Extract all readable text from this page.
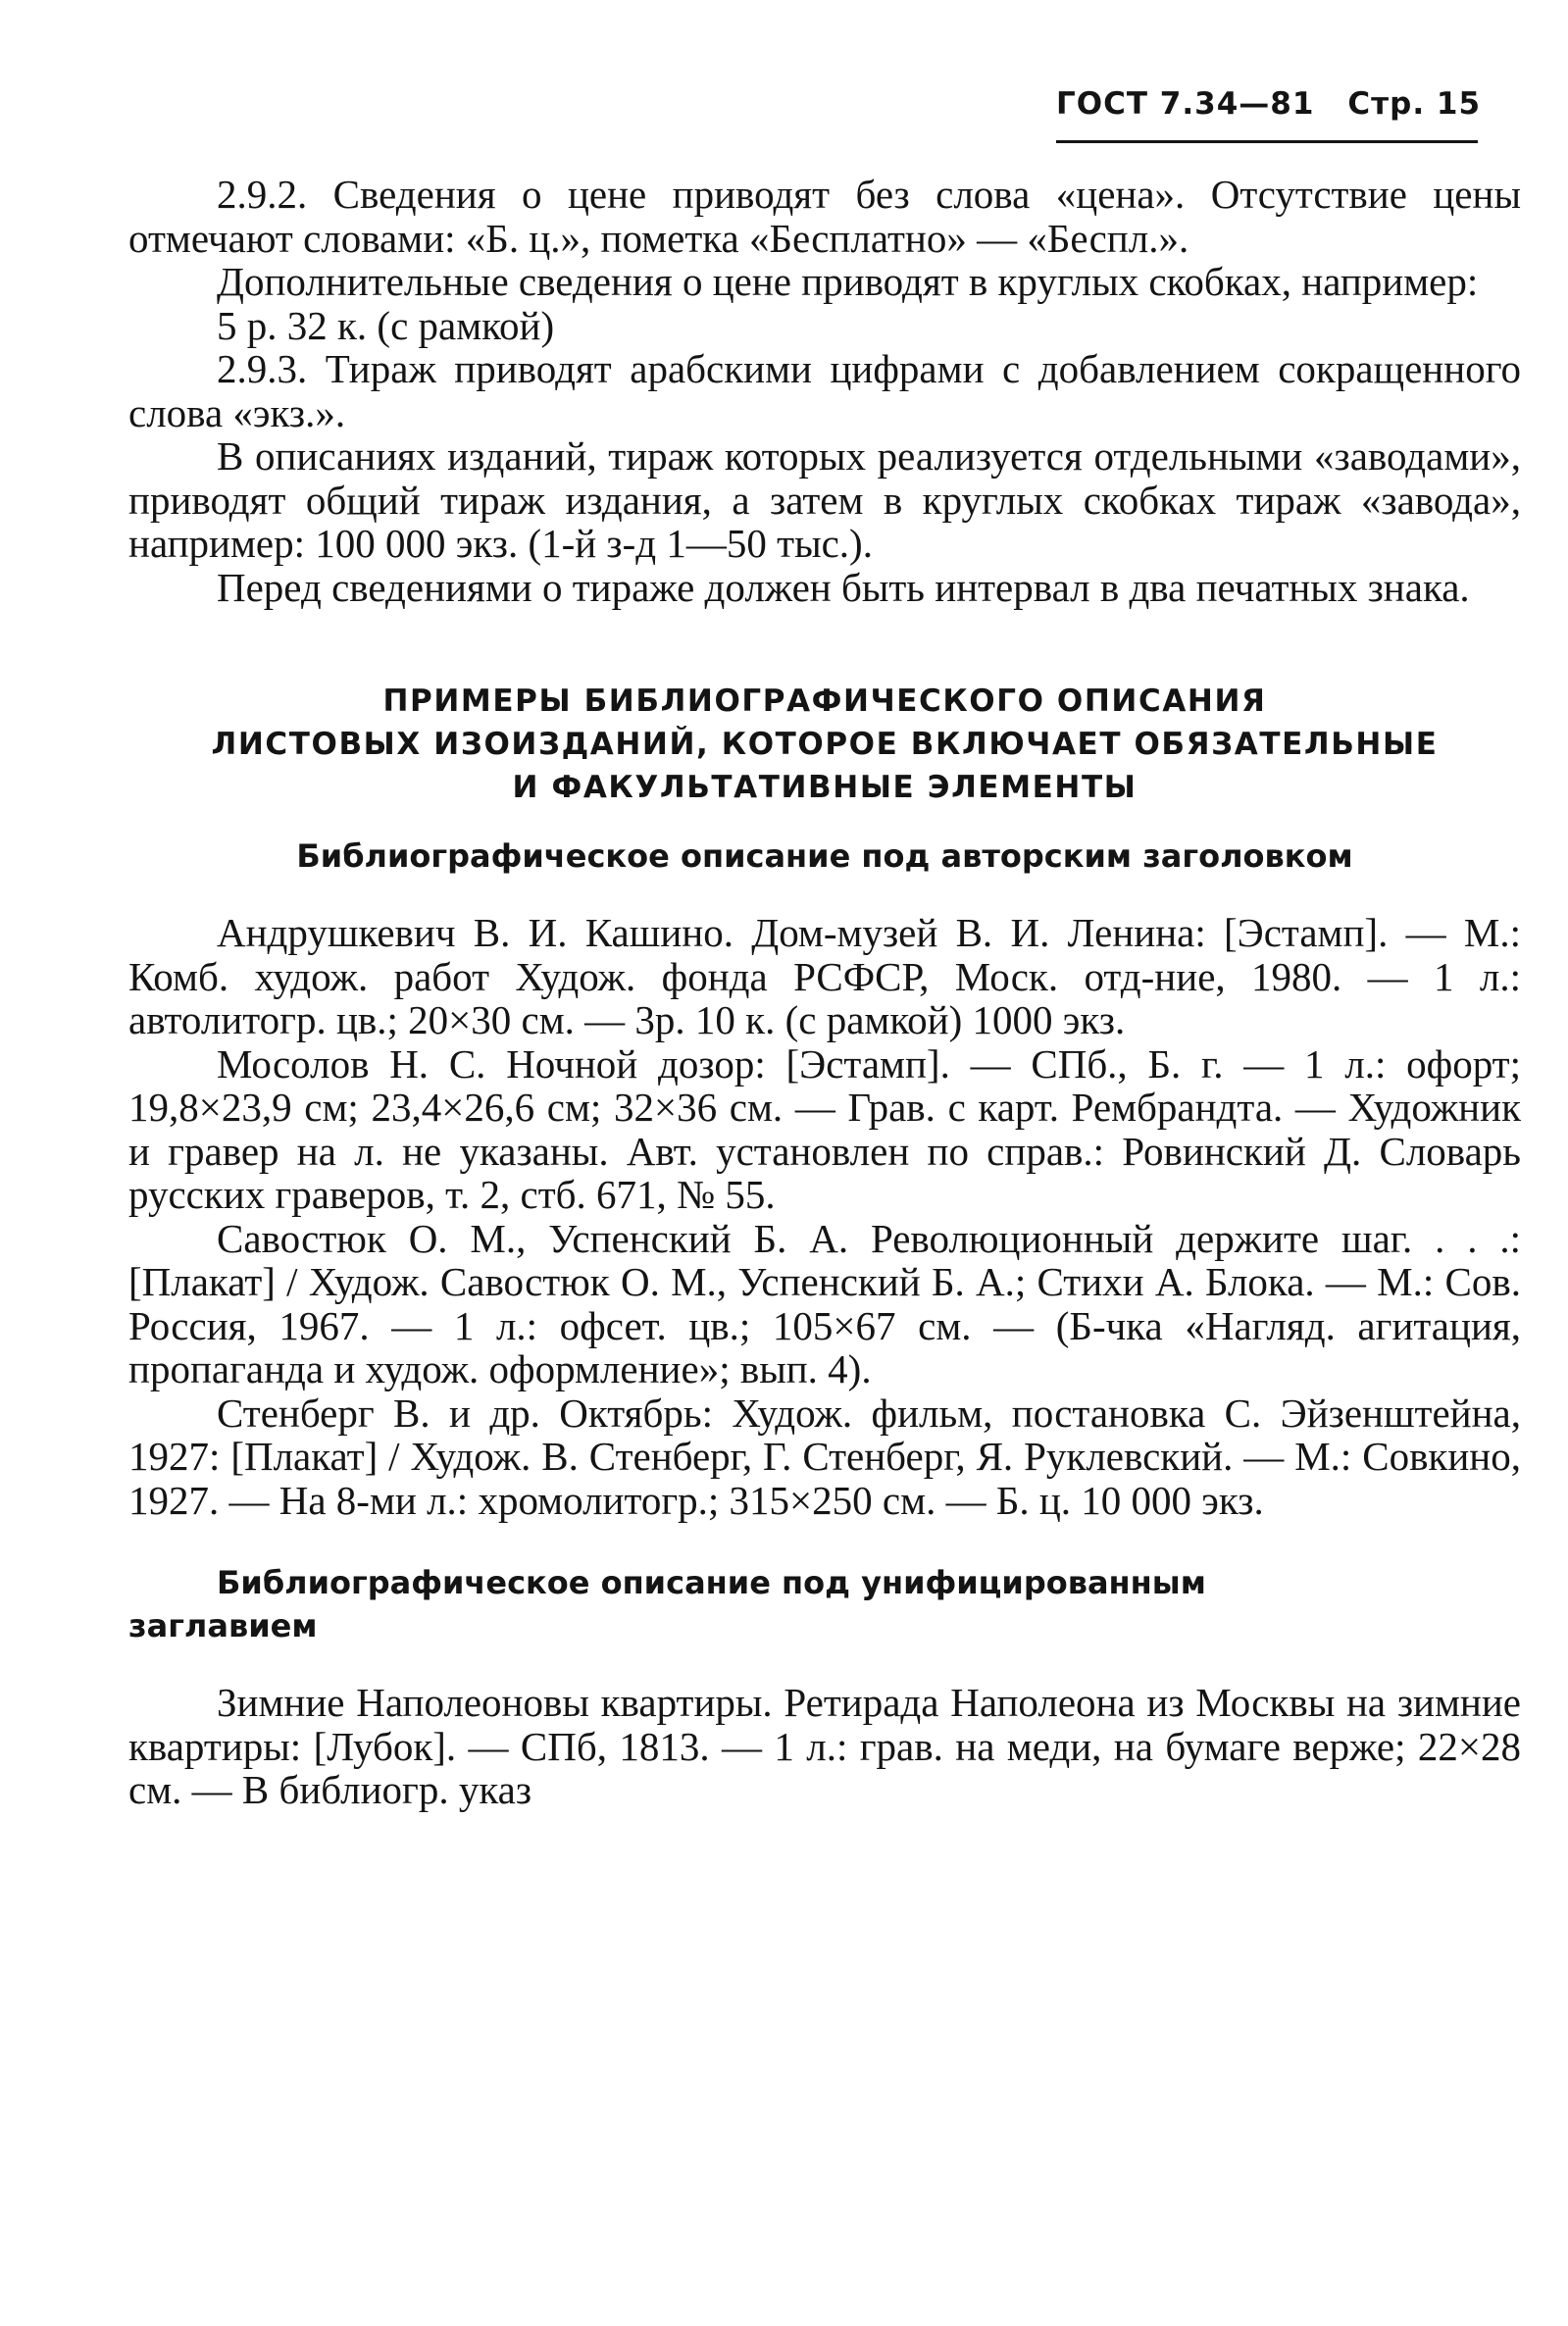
ГОСТ 7.34—81 Стр. 15

2.9.2. Сведения о цене приводят без слова «цена». Отсутствие цены отмечают словами: «Б. ц.», пометка «Бесплатно» — «Беспл.».

Дополнительные сведения о цене приводят в круглых скобках, например:

5 р. 32 к. (с рамкой)

2.9.3. Тираж приводят арабскими цифрами с добавлением сокращенного слова «экз.».

В описаниях изданий, тираж которых реализуется отдельными «заводами», приводят общий тираж издания, а затем в круглых скобках тираж «завода», например: 100 000 экз. (1-й з-д 1—50 тыс.).

Перед сведениями о тираже должен быть интервал в два печатных знака.

ПРИМЕРЫ БИБЛИОГРАФИЧЕСКОГО ОПИСАНИЯ
ЛИСТОВЫХ ИЗОИЗДАНИЙ, КОТОРОЕ ВКЛЮЧАЕТ ОБЯЗАТЕЛЬНЫЕ
И ФАКУЛЬТАТИВНЫЕ ЭЛЕМЕНТЫ
Библиографическое описание под авторским заголовком

Андрушкевич В. И. Кашино. Дом-музей В. И. Ленина: [Эстамп]. — М.: Комб. худож. работ Худож. фонда РСФСР, Моск. отд-ние, 1980. — 1 л.: автолитогр. цв.; 20×30 см. — 3р. 10 к. (с рамкой) 1000 экз.

Мосолов Н. С. Ночной дозор: [Эстамп]. — СПб., Б. г. — 1 л.: офорт; 19,8×23,9 см; 23,4×26,6 см; 32×36 см. — Грав. с карт. Рембрандта. — Художник и гравер на л. не указаны. Авт. установлен по справ.: Ровинский Д. Словарь русских граверов, т. 2, стб. 671, № 55.

Савостюк О. М., Успенский Б. А. Революционный держите шаг. . . .: [Плакат] / Худож. Савостюк О. М., Успенский Б. А.; Стихи А. Блока. — М.: Сов. Россия, 1967. — 1 л.: офсет. цв.; 105×67 см. — (Б-чка «Нагляд. агитация, пропаганда и худож. оформление»; вып. 4).

Стенберг В. и др. Октябрь: Худож. фильм, постановка С. Эйзенштейна, 1927: [Плакат] / Худож. В. Стенберг, Г. Стенберг, Я. Руклевский. — М.: Совкино, 1927. — На 8-ми л.: хромолитогр.; 315×250 см. — Б. ц. 10 000 экз.

Библиографическое описание под унифицированным
заглавием

Зимние Наполеоновы квартиры. Ретирада Наполеона из Москвы на зимние квартиры: [Лубок]. — СПб, 1813. — 1 л.: грав. на меди, на бумаге верже; 22×28 см. — В библиогр. указ
